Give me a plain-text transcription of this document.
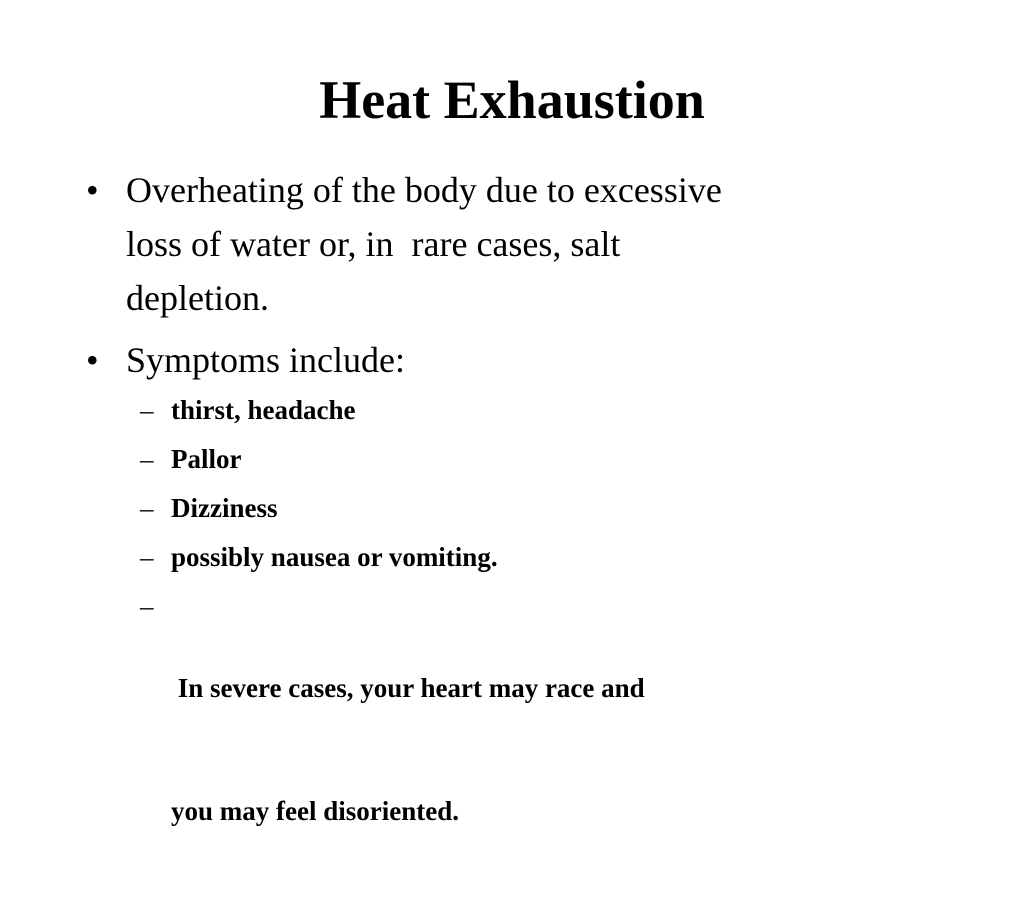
Heat Exhaustion
• Overheating of the body due to excessive
loss of water or, in  rare cases, salt
depletion.
• Symptoms include:
– thirst, headache
– Pallor
– Dizziness
– possibly nausea or vomiting.
–

In severe cases, your heart may race and

you may feel disoriented.
